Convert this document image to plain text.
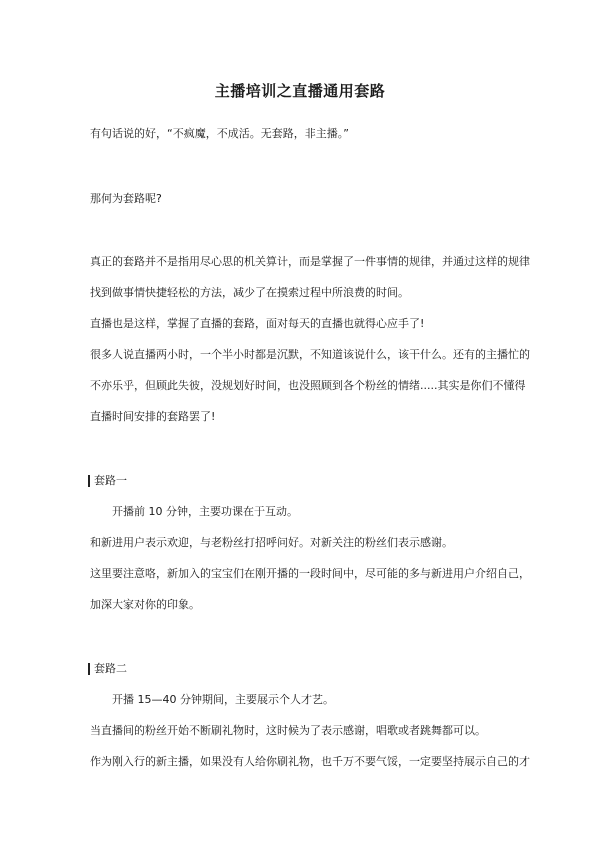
主播培训之直播通用套路
有句话说的好，“不疯魔，不成活。无套路，非主播。”
那何为套路呢?
真正的套路并不是指用尽心思的机关算计，而是掌握了一件事情的规律，并通过这样的规律
找到做事情快捷轻松的方法，减少了在摸索过程中所浪费的时间。
直播也是这样，掌握了直播的套路，面对每天的直播也就得心应手了!
很多人说直播两小时，一个半小时都是沉默，不知道该说什么，该干什么。还有的主播忙的
不亦乐乎，但顾此失彼，没规划好时间，也没照顾到各个粉丝的情绪.....其实是你们不懂得
直播时间安排的套路罢了!
套路一
开播前 10 分钟，主要功课在于互动。
和新进用户表示欢迎，与老粉丝打招呼问好。对新关注的粉丝们表示感谢。
这里要注意咯，新加入的宝宝们在刚开播的一段时间中，尽可能的多与新进用户介绍自己，
加深大家对你的印象。
套路二
开播 15—40 分钟期间，主要展示个人才艺。
当直播间的粉丝开始不断刷礼物时，这时候为了表示感谢，唱歌或者跳舞都可以。
作为刚入行的新主播，如果没有人给你刷礼物，也千万不要气馁，一定要坚持展示自己的才
